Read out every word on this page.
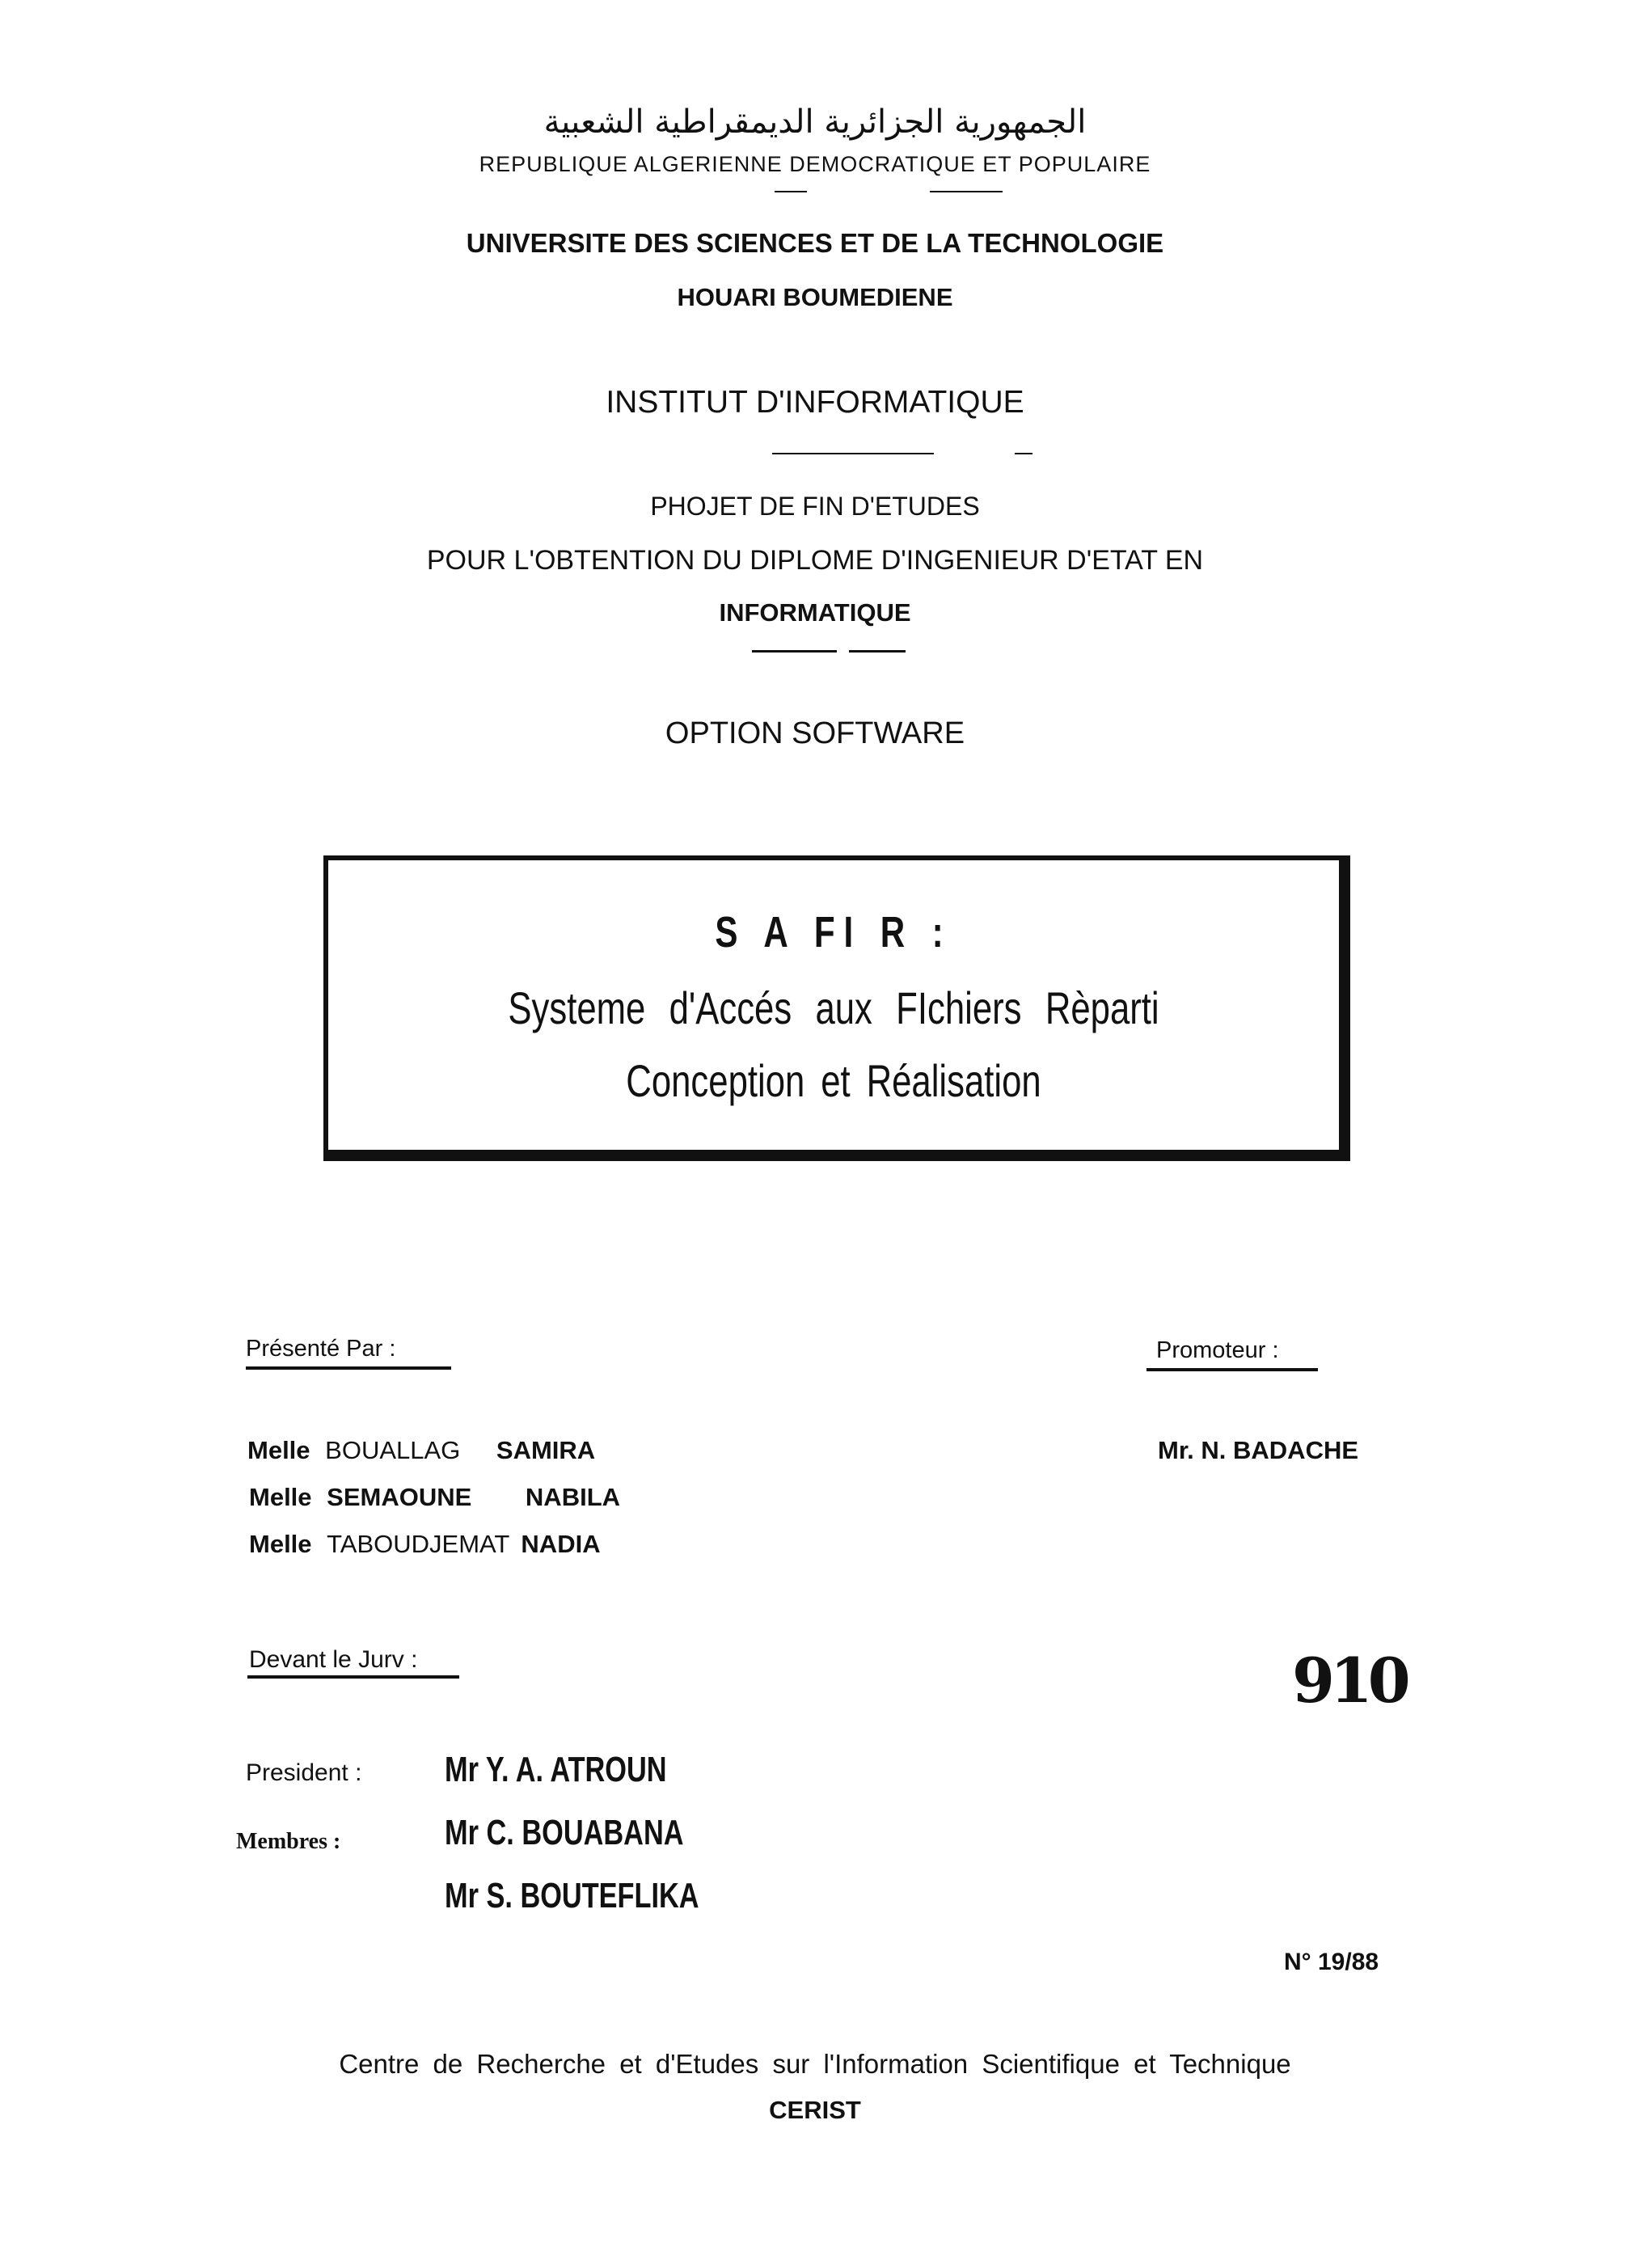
الجمهورية الجزائرية الديمقراطية الشعبية
REPUBLIQUE ALGERIENNE DEMOCRATIQUE ET POPULAIRE
UNIVERSITE DES SCIENCES ET DE LA TECHNOLOGIE
HOUARI BOUMEDIENE
INSTITUT D'INFORMATIQUE
PHOJET DE FIN D'ETUDES
POUR L'OBTENTION DU DIPLOME D'INGENIEUR D'ETAT EN
INFORMATIQUE
OPTION SOFTWARE
S A FI R :
Systeme d'Accés aux FIchiers Rèparti
Conception et Réalisation
Présenté Par :
Melle BOUALLAG SAMIRA
Melle SEMAOUNE NABILA
Melle TABOUDJEMAT NADIA
Promoteur :
Mr. N. BADACHE
Devant le Jurv :
President :
Membres :
Mr Y. A. ATROUN
Mr C. BOUABANA
Mr S. BOUTEFLIKA
910
N° 19/88
Centre de Recherche et d'Etudes sur l'Information Scientifique et Technique
CERIST
